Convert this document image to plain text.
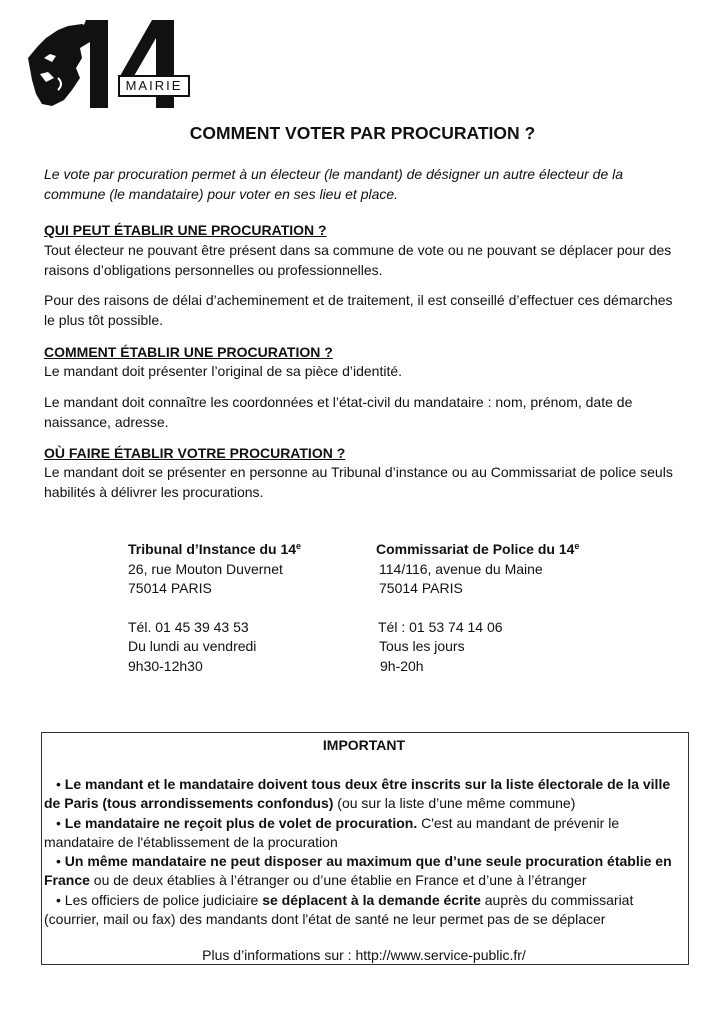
MAIRIE
COMMENT VOTER PAR PROCURATION ?
Le vote par procuration permet à un électeur (le mandant) de désigner un autre électeur de la commune (le mandataire) pour voter en ses lieu et place.
QUI PEUT ÉTABLIR UNE PROCURATION ?
Tout électeur ne pouvant être présent dans sa commune de vote ou ne pouvant se déplacer pour des raisons d’obligations personnelles ou professionnelles.
Pour des raisons de délai d’acheminement et de traitement, il est conseillé d’effectuer ces démarches le plus tôt possible.
COMMENT ÉTABLIR UNE PROCURATION ?
Le mandant doit présenter l’original de sa pièce d’identité.
Le mandant doit connaître les coordonnées et l’état-civil du mandataire : nom, prénom, date de naissance, adresse.
OÙ FAIRE ÉTABLIR VOTRE PROCURATION ?
Le mandant doit se présenter en personne au Tribunal d’instance ou au Commissariat de police seuls habilités à délivrer les procurations.
Tribunal d’Instance du 14e
26, rue Mouton Duvernet
75014 PARIS
Tél. 01 45 39 43 53
Du lundi au vendredi
9h30-12h30
Commissariat de Police du 14e
114/116, avenue du Maine
75014 PARIS
Tél : 01 53 74 14 06
Tous les jours
9h-20h
IMPORTANT
• Le mandant et le mandataire doivent tous deux être inscrits sur la liste électorale de la ville de Paris (tous arrondissements confondus) (ou sur la liste d’une même commune)
• Le mandataire ne reçoit plus de volet de procuration. C'est au mandant de prévenir le mandataire de l'établissement de la procuration
• Un même mandataire ne peut disposer au maximum que d’une seule procuration établie en France ou de deux établies à l’étranger ou d’une établie en France et d’une à l’étranger
• Les officiers de police judiciaire se déplacent à la demande écrite auprès du commissariat (courrier, mail ou fax) des mandants dont l'état de santé ne leur permet pas de se déplacer
Plus d’informations sur : http://www.service-public.fr/
